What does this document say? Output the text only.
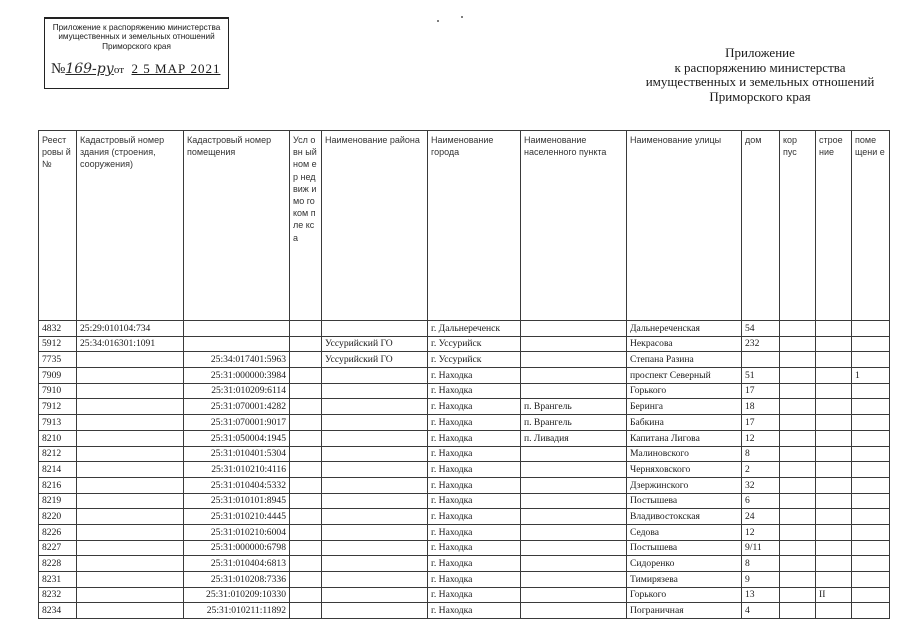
Приложение к распоряжению министерства
имущественных и земельных отношений
Приморского края
№169-руот 2 5 МАР 2021
Приложение
к распоряжению министерства
имущественных и земельных отношений
Приморского края
Реест ровы й №	Кадастровый номер здания (строения, сооружения)	Кадастровый номер помещения	Усл овн ый ном ер нед виж имо го ком плe кса	Наименование района	Наименование города	Наименование населенного пункта	Наименование улицы	дом	кор пус	строе ние	поме щени е
4832	25:29:010104:734				г. Дальнереченск		Дальнереченская	54			
5912	25:34:016301:1091			Уссурийский ГО	г. Уссурийск		Некрасова	232			
7735		25:34:017401:5963		Уссурийский ГО	г. Уссурийск		Степана Разина				
7909		25:31:000000:3984			г. Находка		проспект Северный	51			1
7910		25:31:010209:6114			г. Находка		Горького	17			
7912		25:31:070001:4282			г. Находка	п. Врангель	Беринга	18			
7913		25:31:070001:9017			г. Находка	п. Врангель	Бабкина	17			
8210		25:31:050004:1945			г. Находка	п. Ливадия	Капитана Лигова	12			
8212		25:31:010401:5304			г. Находка		Малиновского	8			
8214		25:31:010210:4116			г. Находка		Черняховского	2			
8216		25:31:010404:5332			г. Находка		Дзержинского	32			
8219		25:31:010101:8945			г. Находка		Постышева	6			
8220		25:31:010210:4445			г. Находка		Владивостокская	24			
8226		25:31:010210:6004			г. Находка		Седова	12			
8227		25:31:000000:6798			г. Находка		Постышева	9/11			
8228		25:31:010404:6813			г. Находка		Сидоренко	8			
8231		25:31:010208:7336			г. Находка		Тимирязева	9			
8232		25:31:010209:10330			г. Находка		Горького	13		II	
8234		25:31:010211:11892			г. Находка		Пограничная	4			
